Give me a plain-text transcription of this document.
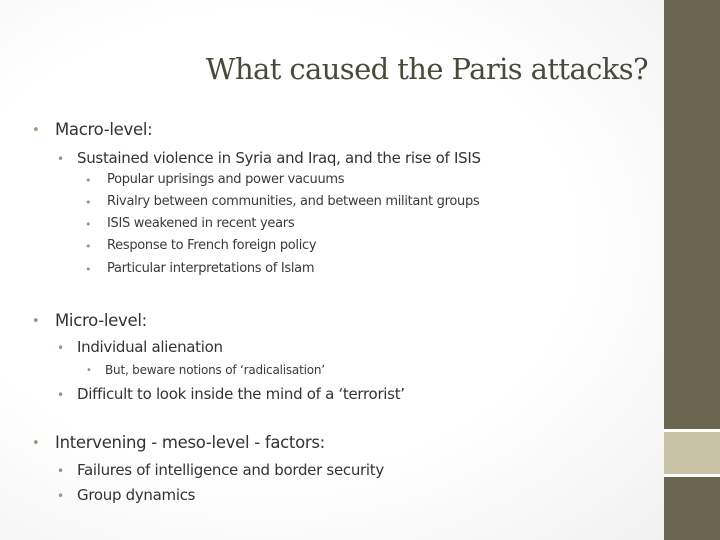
What caused the Paris attacks?
• Macro-level:
• Sustained violence in Syria and Iraq, and the rise of ISIS
• Popular uprisings and power vacuums
• Rivalry between communities, and between militant groups
• ISIS weakened in recent years
• Response to French foreign policy
• Particular interpretations of Islam
• Micro-level:
• Individual alienation
• But, beware notions of ‘radicalisation’
• Difficult to look inside the mind of a ‘terrorist’
• Intervening - meso-level - factors:
• Failures of intelligence and border security
• Group dynamics
